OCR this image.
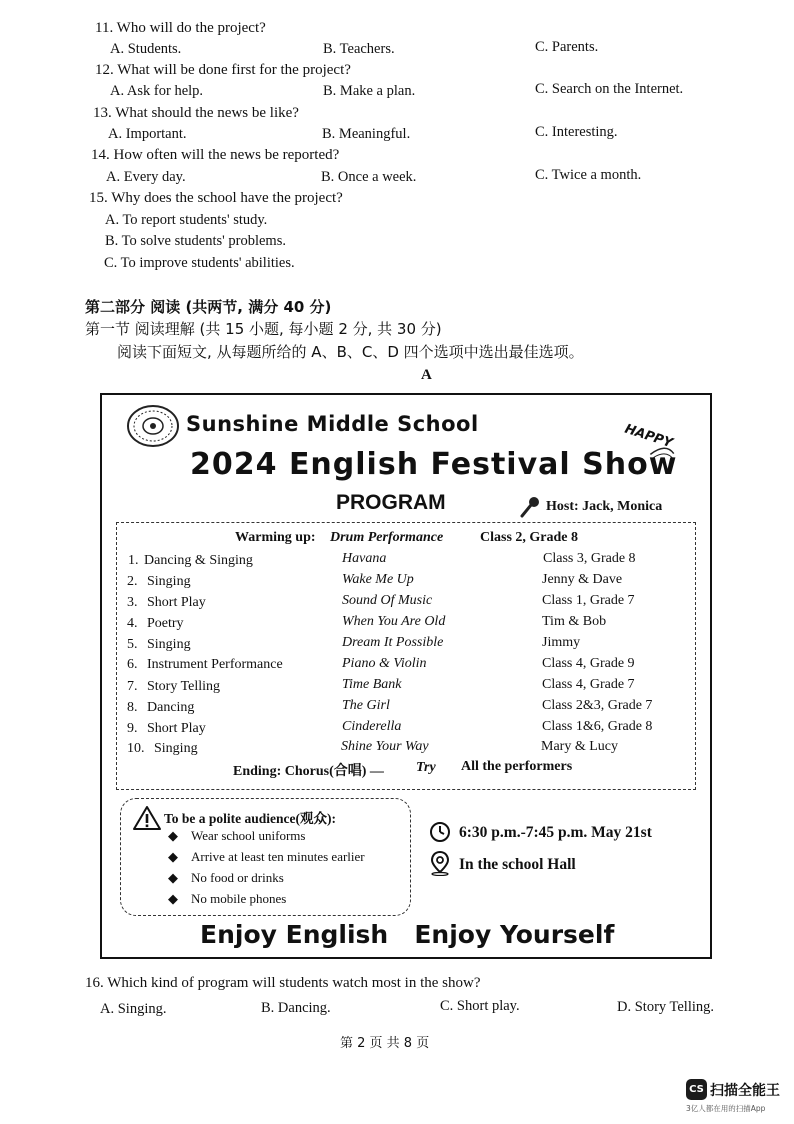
11. Who will do the project?
A. Students.	B. Teachers.	C. Parents.
12. What will be done first for the project?
A. Ask for help.	B. Make a plan.	C. Search on the Internet.
13. What should the news be like?
A. Important.	B. Meaningful.	C. Interesting.
14. How often will the news be reported?
A. Every day.	B. Once a week.	C. Twice a month.
15. Why does the school have the project?
A. To report students' study.
B. To solve students' problems.
C. To improve students' abilities.
第二部分 阅读 (共两节, 满分 40 分)
第一节 阅读理解 (共 15 小题, 每小题 2 分, 共 30 分)
阅读下面短文, 从每题所给的 A、B、C、D 四个选项中选出最佳选项。
A
Sunshine Middle School	HAPPY
2024 English Festival Show
PROGRAM	Host: Jack, Monica
Warming up: Drum Performance	Class 2, Grade 8
1. Dancing & Singing	Havana	Class 3, Grade 8
2. Singing	Wake Me Up	Jenny & Dave
3. Short Play	Sound Of Music	Class 1, Grade 7
4. Poetry	When You Are Old	Tim & Bob
5. Singing	Dream It Possible	Jimmy
6. Instrument Performance	Piano & Violin	Class 4, Grade 9
7. Story Telling	Time Bank	Class 4, Grade 7
8. Dancing	The Girl	Class 2&3, Grade 7
9. Short Play	Cinderella	Class 1&6, Grade 8
10. Singing	Shine Your Way	Mary & Lucy
Ending: Chorus(合唱) — Try All the performers
To be a polite audience(观众):
◆ Wear school uniforms
◆ Arrive at least ten minutes earlier
◆ No food or drinks
◆ No mobile phones
6:30 p.m.-7:45 p.m. May 21st
In the school Hall
Enjoy English   Enjoy Yourself
16. Which kind of program will students watch most in the show?
A. Singing.	B. Dancing.	C. Short play.	D. Story Telling.
第 2 页 共 8 页
CS 扫描全能王
3亿人都在用的扫描App
